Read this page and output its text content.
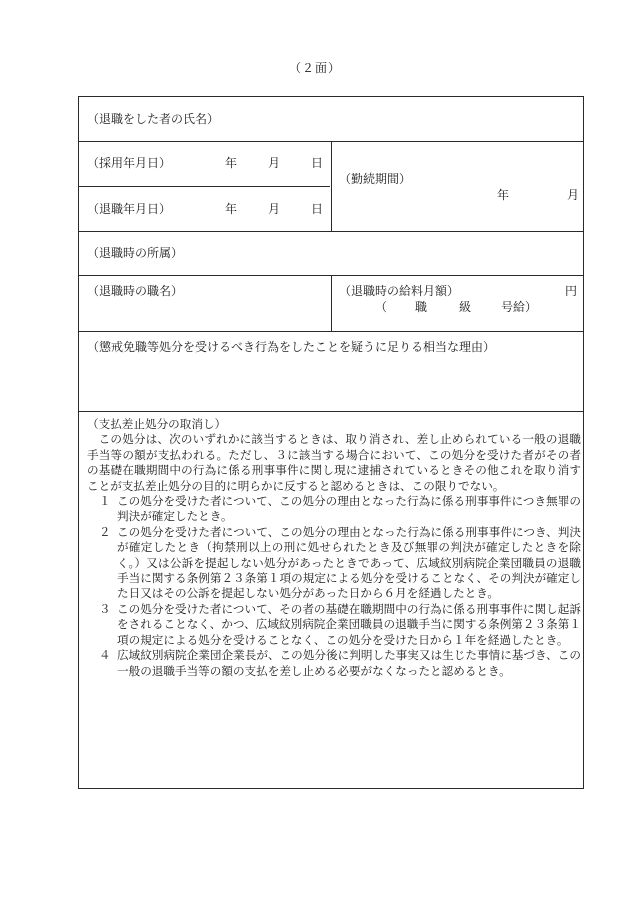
（２面）
（退職をした者の氏名）
（採用年月日）	年	月	日
（退職年月日）	年	月	日
（勤続期間）
年	月
（退職時の所属）
（退職時の職名）	（退職時の給料月額）	円
（ 職	級 号給）
（懲戒免職等処分を受けるべき行為をしたことを疑うに足りる相当な理由）
（支払差止処分の取消し）

この処分は、次のいずれかに該当するときは、取り消され、差し止められている一般の退職手当等の額が支払われる。ただし、３に該当する場合において、この処分を受けた者がその者の基礎在職期間中の行為に係る刑事事件に関し現に逮捕されているときその他これを取り消すことが支払差止処分の目的に明らかに反すると認めるときは、この限りでない。

１ この処分を受けた者について、この処分の理由となった行為に係る刑事事件につき無罪の判決が確定したとき。
２ この処分を受けた者について、この処分の理由となった行為に係る刑事事件につき、判決が確定したとき（拘禁刑以上の刑に処せられたとき及び無罪の判決が確定したときを除く。）又は公訴を提起しない処分があったときであって、広域紋別病院企業団職員の退職手当に関する条例第２３条第１項の規定による処分を受けることなく、その判決が確定した日又はその公訴を提起しない処分があった日から６月を経過したとき。
３ この処分を受けた者について、その者の基礎在職期間中の行為に係る刑事事件に関し起訴をされることなく、かつ、広域紋別病院企業団職員の退職手当に関する条例第２３条第１項の規定による処分を受けることなく、この処分を受けた日から１年を経過したとき。
４ 広域紋別病院企業団企業長が、この処分後に判明した事実又は生じた事情に基づき、この一般の退職手当等の額の支払を差し止める必要がなくなったと認めるとき。
